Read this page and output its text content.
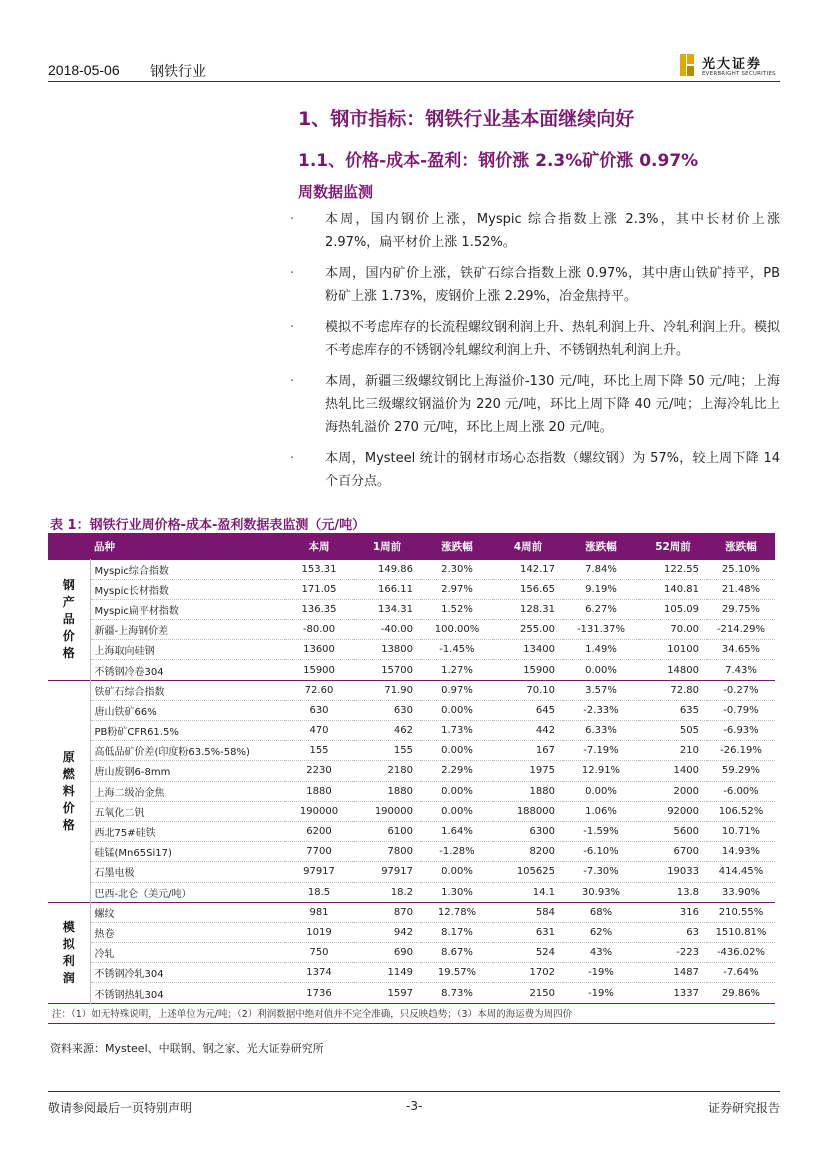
2018-05-06 钢铁行业	光大证券
EVERBRIGHT SECURITIES
1、钢市指标：钢铁行业基本面继续向好
1.1、价格-成本-盈利：钢价涨 2.3%矿价涨 0.97%
周数据监测
· 本周，国内钢价上涨，Myspic 综合指数上涨 2.3%，其中长材价上涨 2.97%，扁平材价上涨 1.52%。
· 本周，国内矿价上涨，铁矿石综合指数上涨 0.97%，其中唐山铁矿持平，PB 粉矿上涨 1.73%，废钢价上涨 2.29%，冶金焦持平。
· 模拟不考虑库存的长流程螺纹钢利润上升、热轧利润上升、冷轧利润上升。模拟不考虑库存的不锈钢冷轧螺纹利润上升、不锈钢热轧利润上升。
· 本周，新疆三级螺纹钢比上海溢价-130 元/吨，环比上周下降 50 元/吨；上海热轧比三级螺纹钢溢价为 220 元/吨，环比上周下降 40 元/吨；上海冷轧比上海热轧溢价 270 元/吨，环比上周上涨 20 元/吨。
· 本周，Mysteel 统计的钢材市场心态指数（螺纹钢）为 57%，较上周下降 14 个百分点。
表 1：钢铁行业周价格-成本-盈利数据表监测（元/吨）
品种		本周	1周前	涨跌幅	4周前	涨跌幅	52周前	涨跌幅
钢产品价格	Myspic综合指数	153.31	149.86	2.30%	142.17	7.84%	122.55	25.10%
	Myspic长材指数	171.05	166.11	2.97%	156.65	9.19%	140.81	21.48%
	Myspic扁平材指数	136.35	134.31	1.52%	128.31	6.27%	105.09	29.75%
	新疆-上海钢价差	-80.00	-40.00	100.00%	255.00	-131.37%	70.00	-214.29%
	上海取向硅钢	13600	13800	-1.45%	13400	1.49%	10100	34.65%
	不锈钢冷卷304	15900	15700	1.27%	15900	0.00%	14800	7.43%
原燃料价格	铁矿石综合指数	72.60	71.90	0.97%	70.10	3.57%	72.80	-0.27%
	唐山铁矿66%	630	630	0.00%	645	-2.33%	635	-0.79%
	PB粉矿CFR61.5%	470	462	1.73%	442	6.33%	505	-6.93%
	高低品矿价差(印度粉63.5%-58%)	155	155	0.00%	167	-7.19%	210	-26.19%
	唐山废钢6-8mm	2230	2180	2.29%	1975	12.91%	1400	59.29%
	上海二级冶金焦	1880	1880	0.00%	1880	0.00%	2000	-6.00%
	五氧化二钒	190000	190000	0.00%	188000	1.06%	92000	106.52%
	西北75#硅铁	6200	6100	1.64%	6300	-1.59%	5600	10.71%
	硅锰(Mn65Si17)	7700	7800	-1.28%	8200	-6.10%	6700	14.93%
	石墨电极	97917	97917	0.00%	105625	-7.30%	19033	414.45%
	巴西-北仑（美元/吨）	18.5	18.2	1.30%	14.1	30.93%	13.8	33.90%
模拟利润	螺纹	981	870	12.78%	584	68%	316	210.55%
	热卷	1019	942	8.17%	631	62%	63	1510.81%
	冷轧	750	690	8.67%	524	43%	-223	-436.02%
	不锈钢冷轧304	1374	1149	19.57%	1702	-19%	1487	-7.64%
	不锈钢热轧304	1736	1597	8.73%	2150	-19%	1337	29.86%
注：（1）如无特殊说明，上述单位为元/吨；（2）利润数据中绝对值并不完全准确，只反映趋势；（3）本周的海运费为周四价								
资料来源：Mysteel、中联钢、钢之家、光大证券研究所
敬请参阅最后一页特别声明	-3-	证券研究报告
